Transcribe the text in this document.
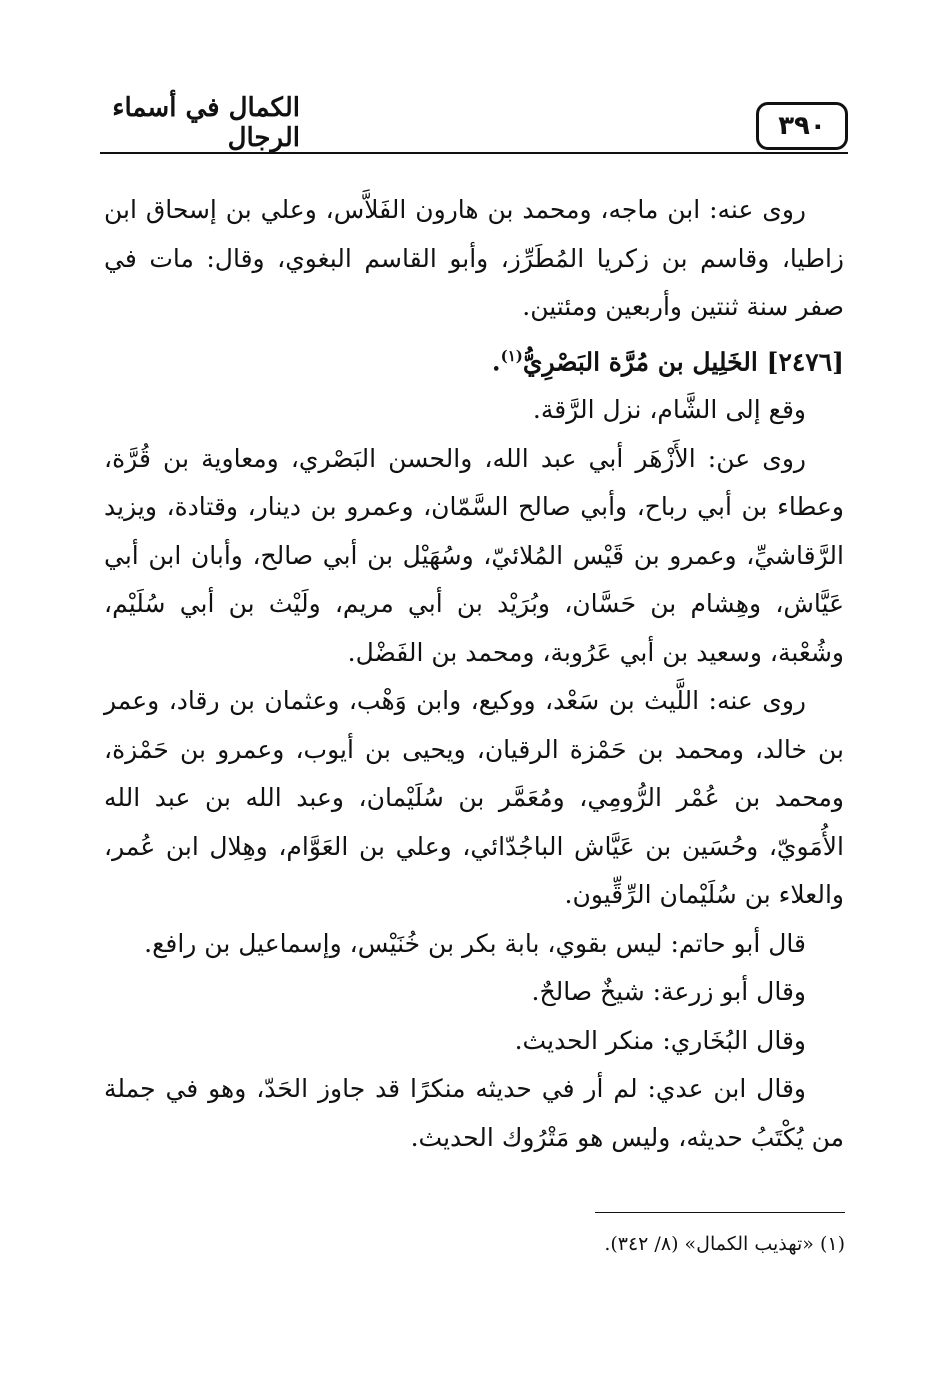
الكمال في أسماء الرجال	٣٩٠

روى عنه: ابن ماجه، ومحمد بن هارون الفَلاَّس، وعلي بن إسحاق ابن زاطيا، وقاسم بن زكريا المُطَرِّز، وأبو القاسم البغوي، وقال: مات في صفر سنة ثنتين وأربعين ومئتين.

[٢٤٧٦] الخَلِيل بن مُرَّة البَصْرِيُّ$^{(١)}$.

وقع إلى الشَّام، نزل الرَّقة.

روى عن: الأَزْهَر أبي عبد الله، والحسن البَصْري، ومعاوية بن قُرَّة، وعطاء بن أبي رباح، وأبي صالح السَّمّان، وعمرو بن دينار، وقتادة، ويزيد الرَّقاشيِّ، وعمرو بن قَيْس المُلائيّ، وسُهَيْل بن أبي صالح، وأبان ابن أبي عَيَّاش، وهِشام بن حَسَّان، وبُرَيْد بن أبي مريم، ولَيْث بن أبي سُلَيْم، وشُعْبة، وسعيد بن أبي عَرُوبة، ومحمد بن الفَضْل.

روى عنه: اللَّيث بن سَعْد، ووكيع، وابن وَهْب، وعثمان بن رقاد، وعمر بن خالد، ومحمد بن حَمْزة الرقيان، ويحيى بن أيوب، وعمرو بن حَمْزة، ومحمد بن عُمْر الرُّومِي، ومُعَمَّر بن سُلَيْمان، وعبد الله بن عبد الله الأُمَويّ، وحُسَين بن عَيَّاش الباجُدّائي، وعلي بن العَوَّام، وهِلال ابن عُمر، والعلاء بن سُلَيْمان الرِّقِّيون.

قال أبو حاتم: ليس بقوي، بابة بكر بن خُنَيْس، وإسماعيل بن رافع.

وقال أبو زرعة: شيخٌ صالحٌ.

وقال البُخَاري: منكر الحديث.

وقال ابن عدي: لم أر في حديثه منكرًا قد جاوز الحَدّ، وهو في جملة من يُكْتَبُ حديثه، وليس هو مَتْرُوك الحديث.

(١) «تهذيب الكمال» (٨/ ٣٤٢).
